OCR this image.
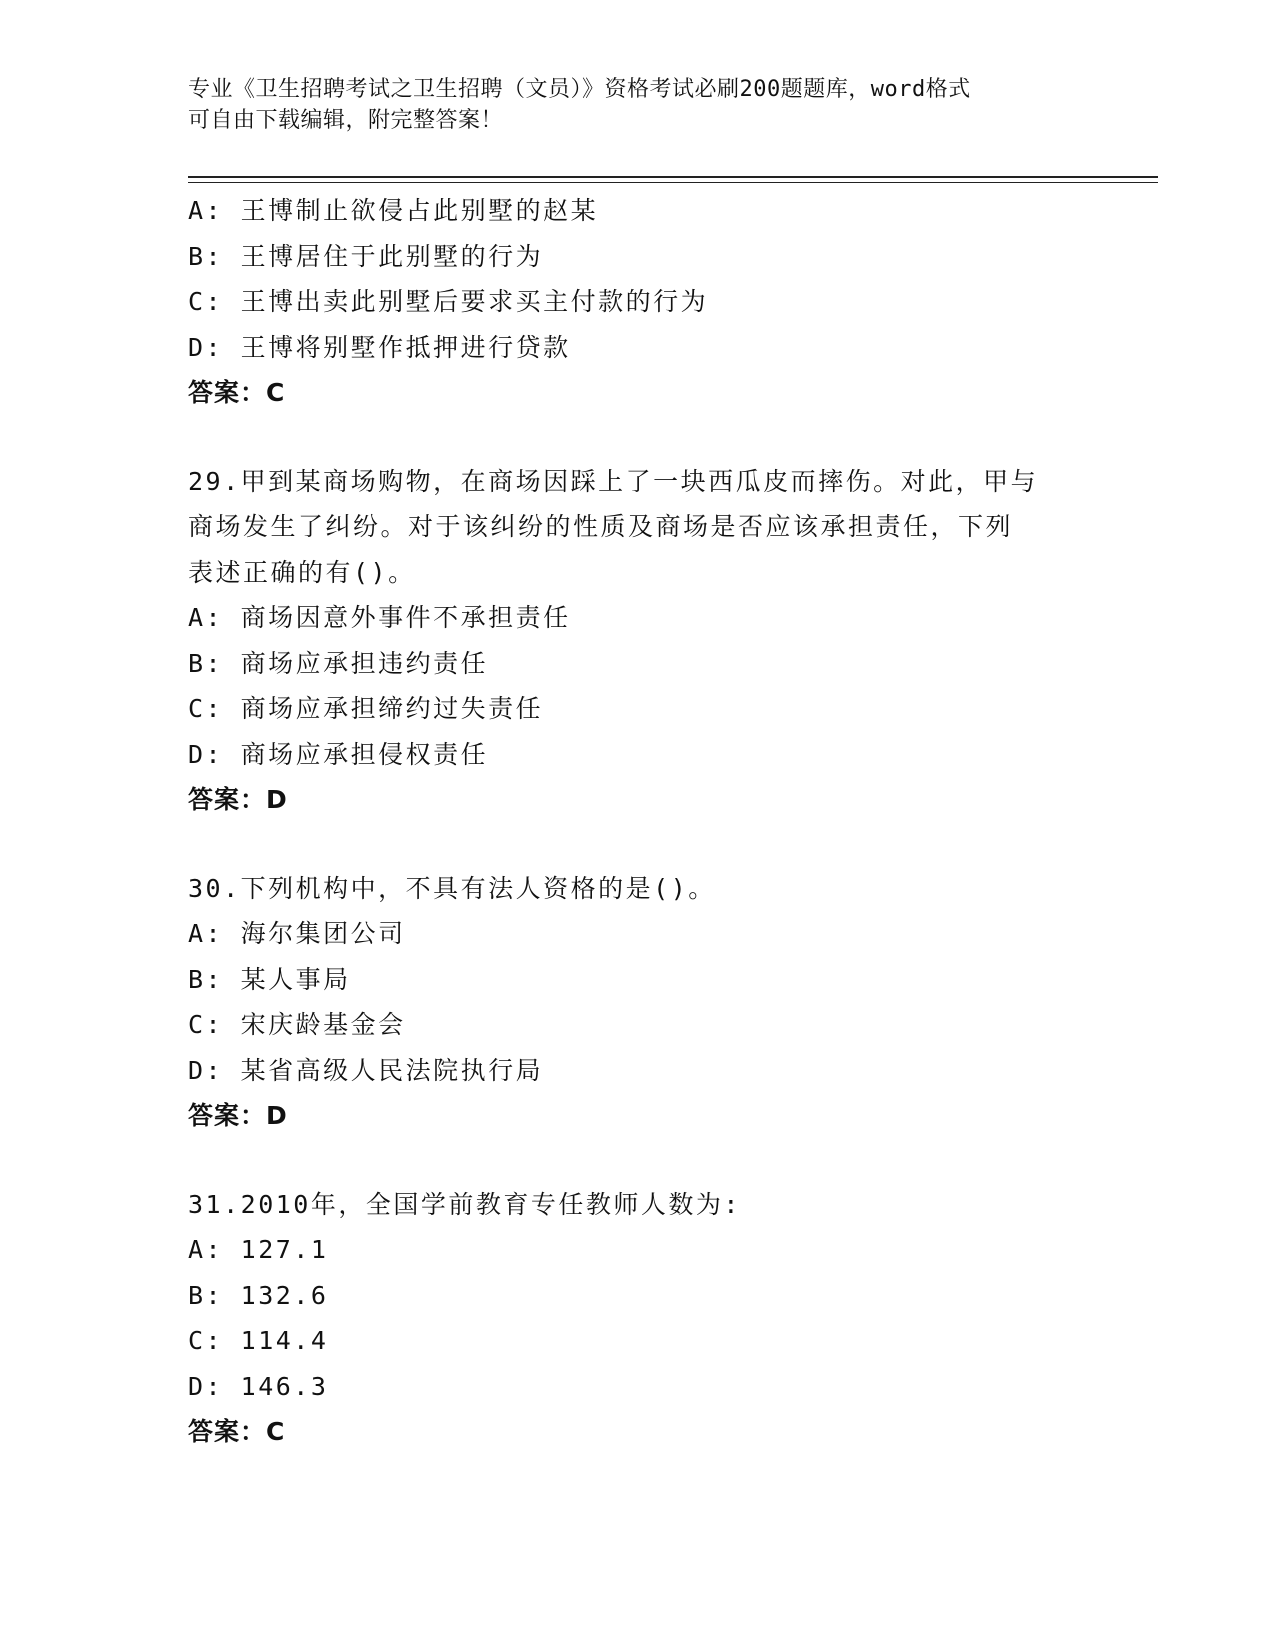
专业《卫生招聘考试之卫生招聘（文员）》资格考试必刷200题题库，word格式
可自由下载编辑，附完整答案！
A: 王博制止欲侵占此别墅的赵某
B: 王博居住于此别墅的行为
C: 王博出卖此别墅后要求买主付款的行为
D: 王博将别墅作抵押进行贷款
答案：C
29.甲到某商场购物，在商场因踩上了一块西瓜皮而摔伤。对此，甲与
商场发生了纠纷。对于该纠纷的性质及商场是否应该承担责任，下列
表述正确的有()。
A: 商场因意外事件不承担责任
B: 商场应承担违约责任
C: 商场应承担缔约过失责任
D: 商场应承担侵权责任
答案：D
30.下列机构中，不具有法人资格的是()。
A: 海尔集团公司
B: 某人事局
C: 宋庆龄基金会
D: 某省高级人民法院执行局
答案：D
31.2010年，全国学前教育专任教师人数为:
A: 127.1
B: 132.6
C: 114.4
D: 146.3
答案：C
